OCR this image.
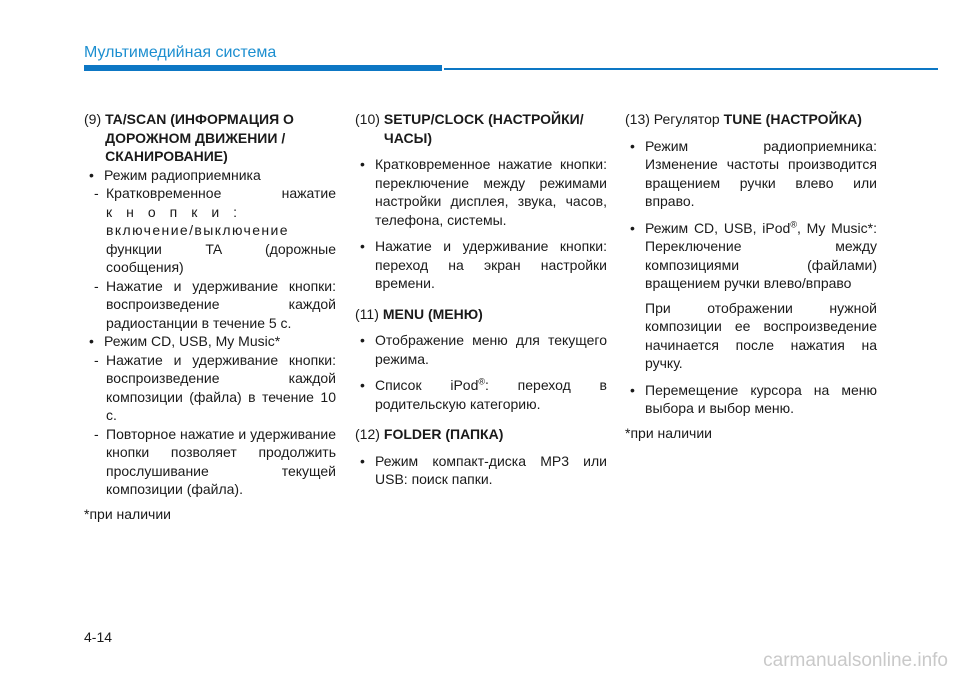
Мультимедийная система
(9) TA/SCAN (ИНФОРМАЦИЯ О ДОРОЖНОМ ДВИЖЕНИИ /СКАНИРОВАНИЕ)

• Режим радиоприемника

- Кратковременное нажатие
кнопки:
включение/выключение
функции TA (дорожные сообщения)
- Нажатие и удерживание кнопки: воспроизведение каждой радиостанции в течение 5 с.

• Режим CD, USB, My Music*

- Нажатие и удерживание кнопки: воспроизведение каждой композиции (файла) в течение 10 с.
- Повторное нажатие и удерживание кнопки позволяет продолжить прослушивание текущей композиции (файла).

*при наличии

(10) SETUP/CLOCK (НАСТРОЙКИ/ЧАСЫ)

• Кратковременное нажатие кнопки: переключение между режимами настройки дисплея, звука, часов, телефона, системы.

• Нажатие и удерживание кнопки: переход на экран настройки времени.

(11) MENU (МЕНЮ)

• Отображение меню для текущего режима.

• Список iPod®: переход в родительскую категорию.

(12) FOLDER (ПАПКА)

• Режим компакт-диска MP3 или USB: поиск папки.

(13) Регулятор TUNE (НАСТРОЙКА)

• Режим радиоприемника: Изменение частоты производится вращением ручки влево или вправо.

• Режим CD, USB, iPod®, My Music*: Переключение между композициями (файлами) вращением ручки влево/вправо

При отображении нужной композиции ее воспроизведение начинается после нажатия на ручку.

• Перемещение курсора на меню выбора и выбор меню.

*при наличии

4-14
carmanualsonline.info
